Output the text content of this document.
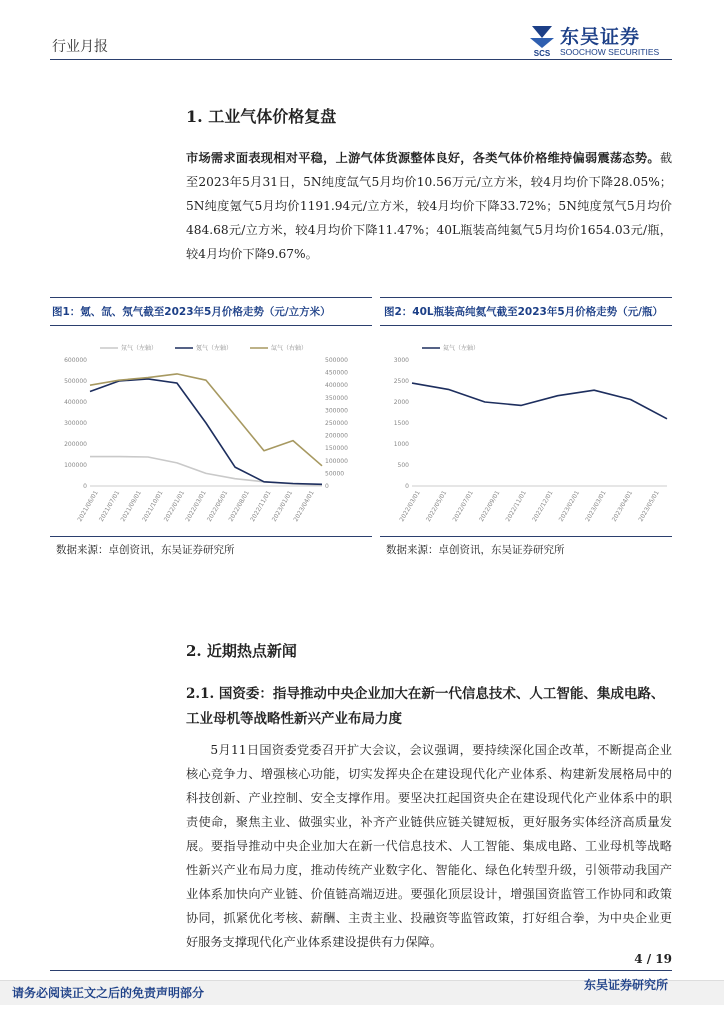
行业月报	SCS
东吴证券
SOOCHOW SECURITIES
1. 工业气体价格复盘
市场需求面表现相对平稳，上游气体货源整体良好，各类气体价格维持偏弱震荡态势。截至2023年5月31日，5N纯度氙气5月均价10.56万元/立方米，较4月均价下降28.05%；5N纯度氪气5月均价1191.94元/立方米，较4月均价下降33.72%；5N纯度氖气5月均价484.68元/立方米，较4月均价下降11.47%；40L瓶装高纯氦气5月均价1654.03元/瓶，较4月均价下降9.67%。
图1：氪、氙、氖气截至2023年5月价格走势（元/立方米）
氖气（左轴）	氪气（左轴）	氙气（右轴）
0
100000
200000
300000
400000
500000
600000
0
50000
100000
150000
200000
250000
300000
350000
400000
450000
500000
2021/06/01
2021/07/01
2021/09/01
2021/10/01
2022/01/01
2022/03/01
2022/06/01
2022/08/01
2022/11/01
2023/01/01
2023/04/01
数据来源：卓创资讯，东吴证券研究所
图2：40L瓶装高纯氦气截至2023年5月价格走势（元/瓶）
氦气（左轴）
0
500
1000
1500
2000
2500
3000
2022/03/01 2022/05/01 2022/07/01 2022/09/01 2022/11/01 2022/12/01 2023/02/01 2023/03/01 2023/04/01 2023/05/01
数据来源：卓创资讯，东吴证券研究所
2. 近期热点新闻
2.1. 国资委：指导推动中央企业加大在新一代信息技术、人工智能、集成电路、工业母机等战略性新兴产业布局力度
5月11日国资委党委召开扩大会议，会议强调，要持续深化国企改革，不断提高企业核心竞争力、增强核心功能，切实发挥央企在建设现代化产业体系、构建新发展格局中的科技创新、产业控制、安全支撑作用。要坚决扛起国资央企在建设现代化产业体系中的职责使命，聚焦主业、做强实业，补齐产业链供应链关键短板，更好服务实体经济高质量发展。要指导推动中央企业加大在新一代信息技术、人工智能、集成电路、工业母机等战略性新兴产业布局力度，推动传统产业数字化、智能化、绿色化转型升级，引领带动我国产业体系加快向产业链、价值链高端迈进。要强化顶层设计，增强国资监管工作协同和政策协同，抓紧优化考核、薪酬、主责主业、投融资等监管政策，打好组合拳，为中央企业更好服务支撑现代化产业体系建设提供有力保障。
4 / 19
请务必阅读正文之后的免责声明部分
东吴证券研究所
